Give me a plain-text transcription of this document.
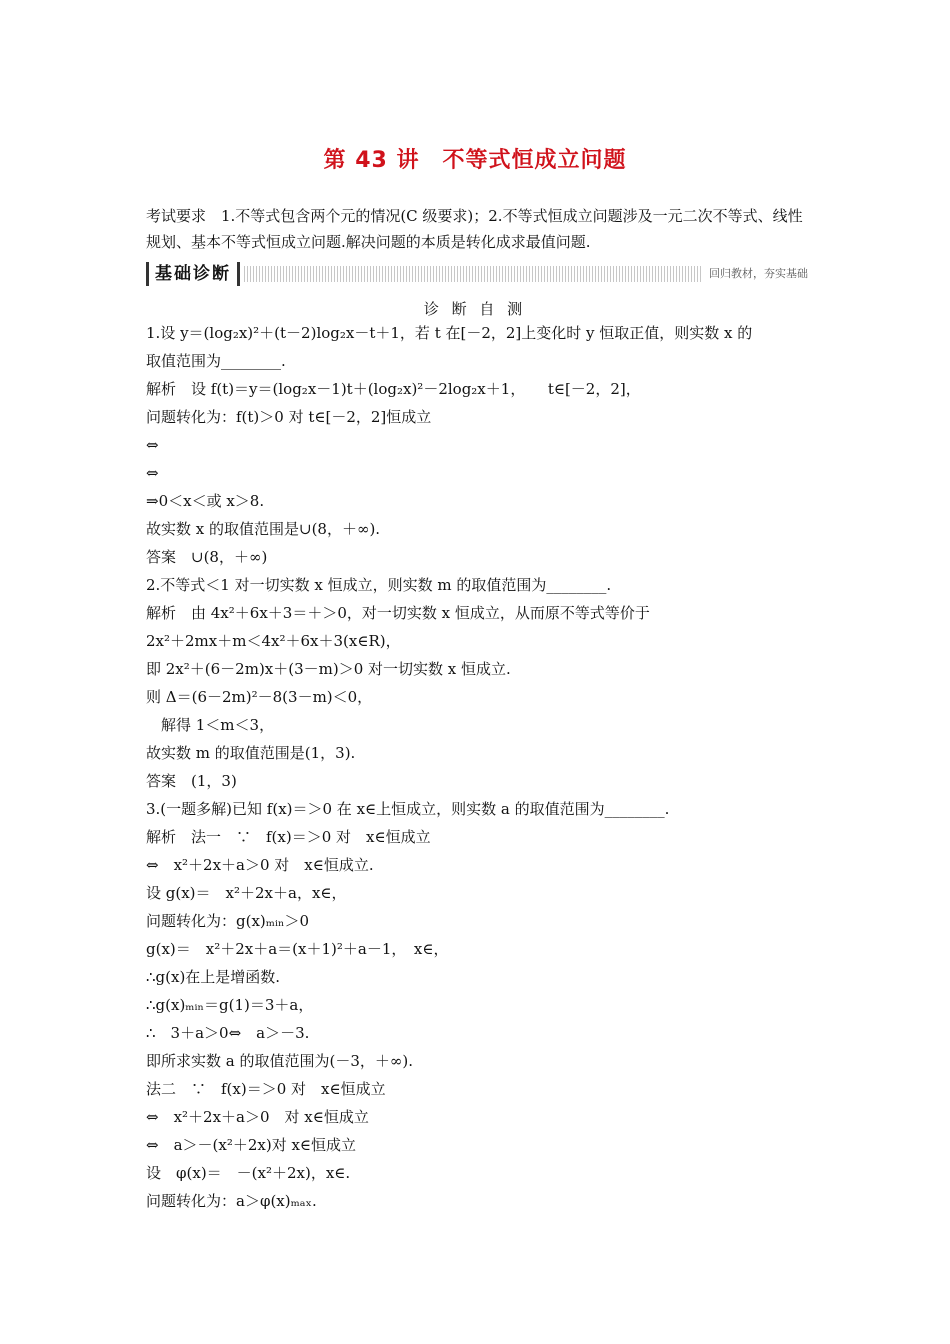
第 43 讲　不等式恒成立问题
考试要求　1.不等式包含两个元的情况(C 级要求)；2.不等式恒成立问题涉及一元二次不等式、线性规划、基本不等式恒成立问题.解决问题的本质是转化成求最值问题.
基础诊断	回归教材，夯实基础
诊 断 自 测
1.设 y＝(log₂x)²＋(t－2)log₂x－t＋1，若 t 在[－2，2]上变化时 y 恒取正值，则实数 x 的
取值范围为________.
解析　设 f(t)＝y＝(log₂x－1)t＋(log₂x)²－2log₂x＋1，　　t∈[－2，2]，
问题转化为：f(t)＞0 对 t∈[－2，2]恒成立
⇔
⇔
⇒0＜x＜或 x＞8.
故实数 x 的取值范围是∪(8，＋∞).
答案　∪(8，＋∞)
2.不等式＜1 对一切实数 x 恒成立，则实数 m 的取值范围为________.
解析　由 4x²＋6x＋3＝＋＞0，对一切实数 x 恒成立，从而原不等式等价于
2x²＋2mx＋m＜4x²＋6x＋3(x∈R)，
即 2x²＋(6－2m)x＋(3－m)＞0 对一切实数 x 恒成立.
则 Δ＝(6－2m)²－8(3－m)＜0，
　解得 1＜m＜3，
故实数 m 的取值范围是(1，3).
答案　(1，3)
3.(一题多解)已知 f(x)＝＞0 在 x∈上恒成立，则实数 a 的取值范围为________.
解析　法一　∵　f(x)＝＞0 对　x∈恒成立
⇔　x²＋2x＋a＞0 对　x∈恒成立.
设 g(x)＝　x²＋2x＋a，x∈，
问题转化为：g(x)ₘᵢₙ＞0
g(x)＝　x²＋2x＋a＝(x＋1)²＋a－1，　x∈，
∴g(x)在上是增函数.
∴g(x)ₘᵢₙ＝g(1)＝3＋a，
∴　3＋a＞0⇔　a＞－3.
即所求实数 a 的取值范围为(－3，＋∞).
法二　∵　f(x)＝＞0 对　x∈恒成立
⇔　x²＋2x＋a＞0　对 x∈恒成立
⇔　a＞－(x²＋2x)对 x∈恒成立
设　φ(x)＝　－(x²＋2x)，x∈.
问题转化为：a＞φ(x)ₘₐₓ.
